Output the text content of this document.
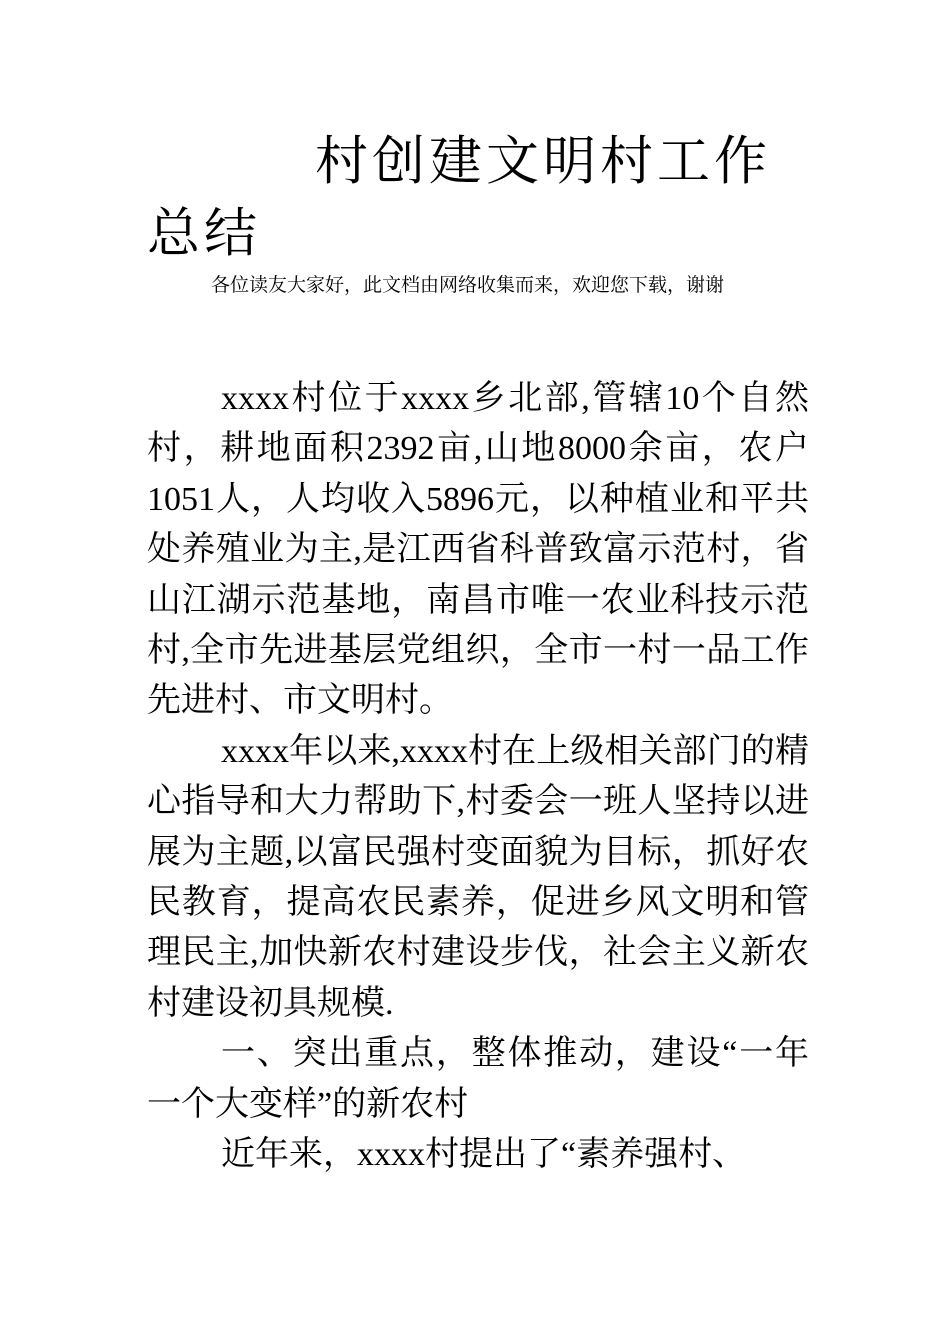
村创建文明村工作总结

各位读友大家好，此文档由网络收集而来，欢迎您下载，谢谢

xxxx村位于xxxx乡北部,管辖10个自然村，耕地面积2392亩,山地8000余亩，农户1051人，人均收入5896元，以种植业和平共处养殖业为主,是江西省科普致富示范村，省山江湖示范基地，南昌市唯一农业科技示范村,全市先进基层党组织，全市一村一品工作先进村、市文明村。

xxxx年以来,xxxx村在上级相关部门的精心指导和大力帮助下,村委会一班人坚持以进展为主题,以富民强村变面貌为目标，抓好农民教育，提高农民素养，促进乡风文明和管理民主,加快新农村建设步伐，社会主义新农村建设初具规模.

一、突出重点，整体推动，建设“一年一个大变样”的新农村

近年来，xxxx村提出了“素养强村、
